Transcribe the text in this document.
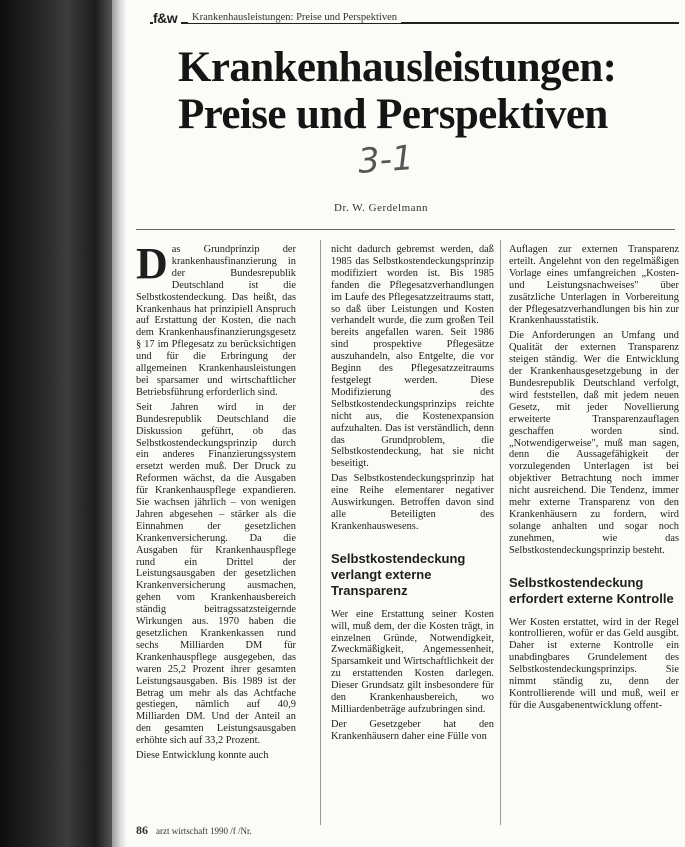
f&w	Krankenhausleistungen: Preise und Perspektiven
Krankenhausleistungen: Preise und Perspektiven
3-1
Dr. W. Gerdelmann

Das Grundprinzip der krankenhausfinanzierung in der Bundesrepublik Deutschland ist die Selbstkostendeckung. Das heißt, das Krankenhaus hat prinzipiell Anspruch auf Erstattung der Kosten, die nach dem Krankenhausfinanzierungsgesetz § 17 im Pflegesatz zu berücksichtigen und für die Erbringung der allgemeinen Krankenhausleistungen bei sparsamer und wirtschaftlicher Betriebsführung erforderlich sind.

Seit Jahren wird in der Bundesrepublik Deutschland die Diskussion geführt, ob das Selbstkostendeckungsprinzip durch ein anderes Finanzierungssystem ersetzt werden muß. Der Druck zu Reformen wächst, da die Ausgaben für Krankenhauspflege expandieren. Sie wachsen jährlich – von wenigen Jahren abgesehen – stärker als die Einnahmen der gesetzlichen Krankenversicherung. Da die Ausgaben für Krankenhauspflege rund ein Drittel der Leistungsausgaben der gesetzlichen Krankenversicherung ausmachen, gehen vom Krankenhausbereich ständig beitragssatzsteigernde Wirkungen aus. 1970 haben die gesetzlichen Krankenkassen rund sechs Milliarden DM für Krankenhauspflege ausgegeben, das waren 25,2 Prozent ihrer gesamten Leistungsausgaben. Bis 1989 ist der Betrag um mehr als das Achtfache gestiegen, nämlich auf 40,9 Milliarden DM. Und der Anteil an den gesamten Leistungsausgaben erhöhte sich auf 33,2 Prozent.

Diese Entwicklung konnte auch

nicht dadurch gebremst werden, daß 1985 das Selbstkostendeckungsprinzip modifiziert worden ist. Bis 1985 fanden die Pflegesatzverhandlungen im Laufe des Pflegesatzzeitraums statt, so daß über Leistungen und Kosten verhandelt wurde, die zum großen Teil bereits angefallen waren. Seit 1986 sind prospektive Pflegesätze auszuhandeln, also Entgelte, die vor Beginn des Pflegesatzzeitraums festgelegt werden. Diese Modifizierung des Selbstkostendeckungsprinzips reichte nicht aus, die Kostenexpansion aufzuhalten. Das ist verständlich, denn das Grundproblem, die Selbstkostendeckung, hat sie nicht beseitigt.

Das Selbstkostendeckungsprinzip hat eine Reihe elementarer negativer Auswirkungen. Betroffen davon sind alle Beteiligten des Krankenhauswesens.

Selbstkostendeckung verlangt externe Transparenz

Wer eine Erstattung seiner Kosten will, muß dem, der die Kosten trägt, in einzelnen Gründe, Notwendigkeit, Zweckmäßigkeit, Angemessenheit, Sparsamkeit und Wirtschaftlichkeit der zu erstattenden Kosten darlegen. Dieser Grundsatz gilt insbesondere für den Krankenhausbereich, wo Milliardenbeträge aufzubringen sind.

Der Gesetzgeber hat den Krankenhäusern daher eine Fülle von

Auflagen zur externen Transparenz erteilt. Angelehnt von den regelmäßigen Vorlage eines umfangreichen „Kosten- und Leistungsnachweises" über zusätzliche Unterlagen in Vorbereitung der Pflegesatzverhandlungen bis hin zur Krankenhausstatistik.

Die Anforderungen an Umfang und Qualität der externen Transparenz steigen ständig. Wer die Entwicklung der Krankenhausgesetzgebung in der Bundesrepublik Deutschland verfolgt, wird feststellen, daß mit jedem neuen Gesetz, mit jeder Novellierung erweiterte Transparenzauflagen geschaffen worden sind. „Notwendigerweise", muß man sagen, denn die Aussagefähigkeit der vorzulegenden Unterlagen ist bei objektiver Betrachtung noch immer nicht ausreichend. Die Tendenz, immer mehr externe Transparenz von den Krankenhäusern zu fordern, wird solange anhalten und sogar noch zunehmen, wie das Selbstkostendeckungsprinzip besteht.

Selbstkostendeckung erfordert externe Kontrolle

Wer Kosten erstattet, wird in der Regel kontrollieren, wofür er das Geld ausgibt. Daher ist externe Kontrolle ein unabdingbares Grundelement des Selbstkostendeckungsprinzips. Sie nimmt ständig zu, denn der Kontrollierende will und muß, weil er für die Ausgabenentwicklung offent-

86 arzt wirtschaft 1990 /f /Nr.
